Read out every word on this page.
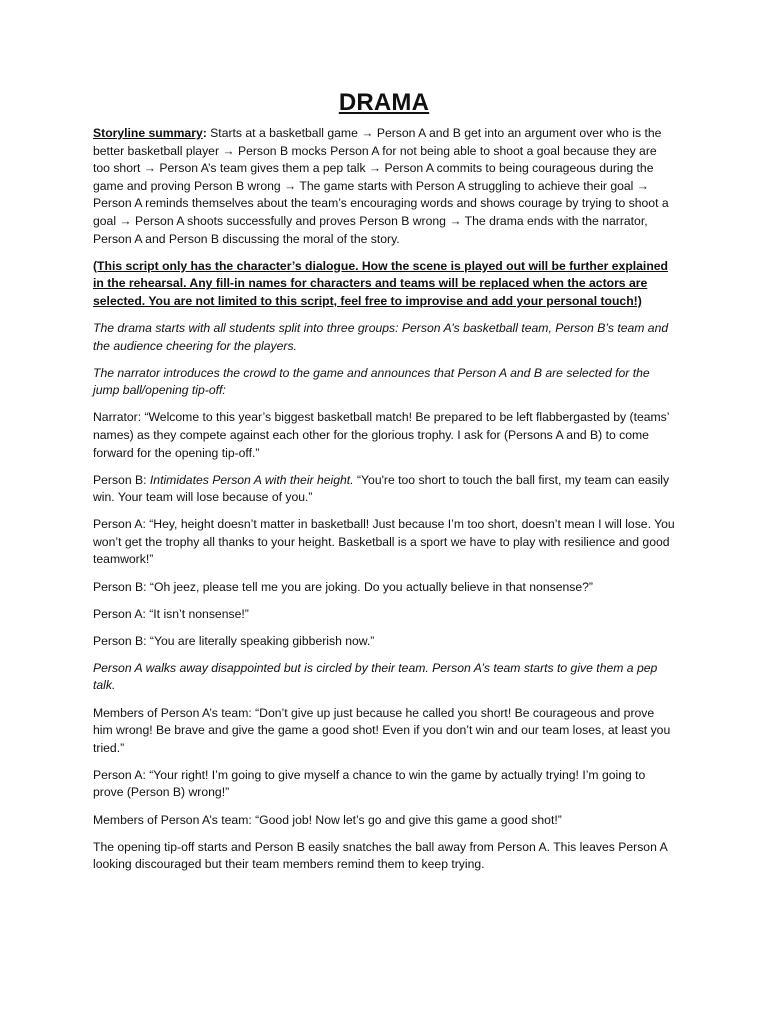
DRAMA

Storyline summary: Starts at a basketball game → Person A and B get into an argument over who is the better basketball player → Person B mocks Person A for not being able to shoot a goal because they are too short → Person A’s team gives them a pep talk → Person A commits to being courageous during the game and proving Person B wrong → The game starts with Person A struggling to achieve their goal → Person A reminds themselves about the team’s encouraging words and shows courage by trying to shoot a goal → Person A shoots successfully and proves Person B wrong → The drama ends with the narrator, Person A and Person B discussing the moral of the story.

(This script only has the character’s dialogue. How the scene is played out will be further explained in the rehearsal. Any fill-in names for characters and teams will be replaced when the actors are selected. You are not limited to this script, feel free to improvise and add your personal touch!)

The drama starts with all students split into three groups: Person A’s basketball team, Person B’s team and the audience cheering for the players.

The narrator introduces the crowd to the game and announces that Person A and B are selected for the jump ball/opening tip-off:

Narrator: “Welcome to this year’s biggest basketball match! Be prepared to be left flabbergasted by (teams’ names) as they compete against each other for the glorious trophy. I ask for (Persons A and B) to come forward for the opening tip-off.”

Person B: Intimidates Person A with their height. “You're too short to touch the ball first, my team can easily win. Your team will lose because of you.”

Person A: “Hey, height doesn’t matter in basketball! Just because I’m too short, doesn’t mean I will lose. You won’t get the trophy all thanks to your height. Basketball is a sport we have to play with resilience and good teamwork!”

Person B: “Oh jeez, please tell me you are joking. Do you actually believe in that nonsense?”

Person A: “It isn’t nonsense!”

Person B: “You are literally speaking gibberish now.”

Person A walks away disappointed but is circled by their team. Person A’s team starts to give them a pep talk.

Members of Person A’s team: “Don’t give up just because he called you short! Be courageous and prove him wrong! Be brave and give the game a good shot! Even if you don’t win and our team loses, at least you tried.”

Person A: “Your right! I’m going to give myself a chance to win the game by actually trying! I’m going to prove (Person B) wrong!”

Members of Person A’s team: “Good job! Now let’s go and give this game a good shot!”

The opening tip-off starts and Person B easily snatches the ball away from Person A. This leaves Person A looking discouraged but their team members remind them to keep trying.
